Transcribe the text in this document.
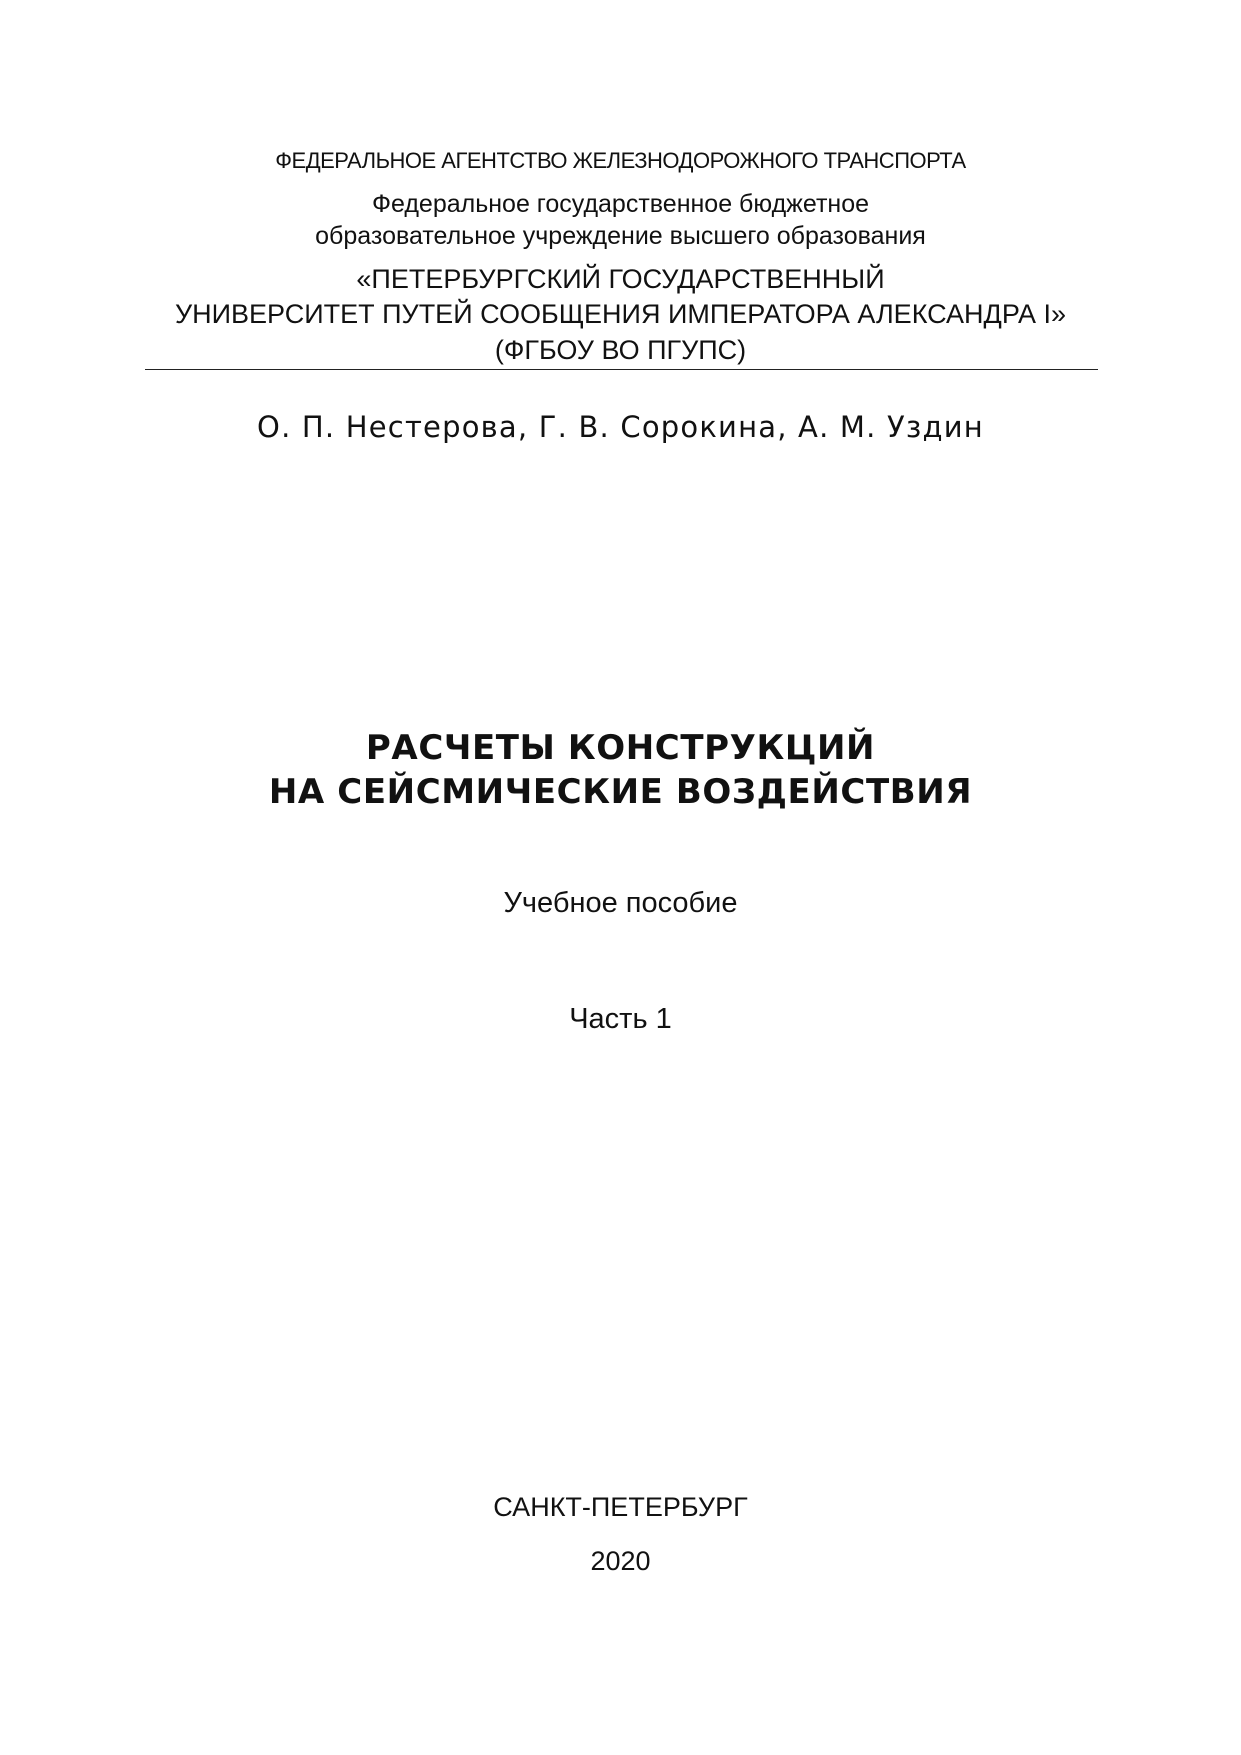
ФЕДЕРАЛЬНОЕ АГЕНТСТВО ЖЕЛЕЗНОДОРОЖНОГО ТРАНСПОРТА
Федеральное государственное бюджетное
образовательное учреждение высшего образования
«ПЕТЕРБУРГСКИЙ ГОСУДАРСТВЕННЫЙ
УНИВЕРСИТЕТ ПУТЕЙ СООБЩЕНИЯ ИМПЕРАТОРА АЛЕКСАНДРА I»
(ФГБОУ ВО ПГУПС)
О. П. Нестерова, Г. В. Сорокина, А. М. Уздин
РАСЧЕТЫ КОНСТРУКЦИЙ
НА СЕЙСМИЧЕСКИЕ ВОЗДЕЙСТВИЯ
Учебное пособие
Часть 1
САНКТ-ПЕТЕРБУРГ
2020
